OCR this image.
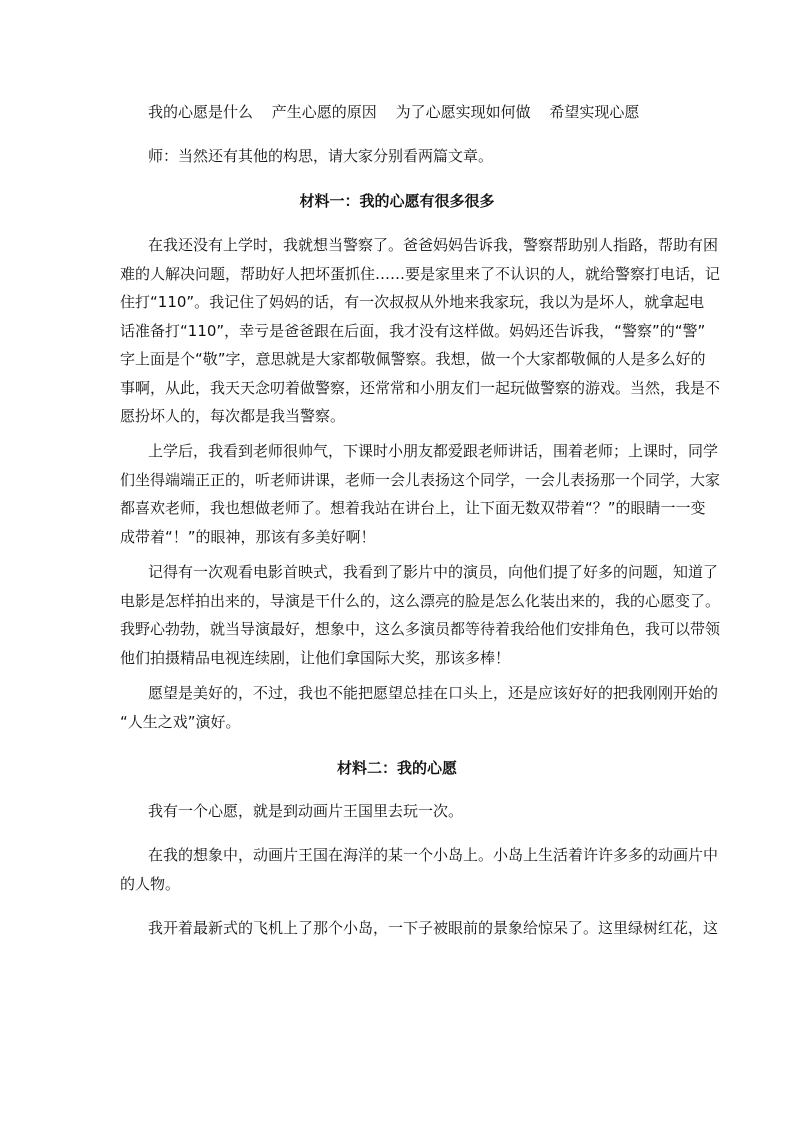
我的心愿是什么 产生心愿的原因 为了心愿实现如何做 希望实现心愿
师：当然还有其他的构思，请大家分别看两篇文章。
材料一：我的心愿有很多很多
在我还没有上学时，我就想当警察了。爸爸妈妈告诉我，警察帮助别人指路，帮助有困
难的人解决问题，帮助好人把坏蛋抓住……要是家里来了不认识的人，就给警察打电话，记
住打“110”。我记住了妈妈的话，有一次叔叔从外地来我家玩，我以为是坏人，就拿起电
话准备打“110”，幸亏是爸爸跟在后面，我才没有这样做。妈妈还告诉我，“警察”的“警”
字上面是个“敬”字，意思就是大家都敬佩警察。我想，做一个大家都敬佩的人是多么好的
事啊，从此，我天天念叨着做警察，还常常和小朋友们一起玩做警察的游戏。当然，我是不
愿扮坏人的，每次都是我当警察。
上学后，我看到老师很帅气，下课时小朋友都爱跟老师讲话，围着老师；上课时，同学
们坐得端端正正的，听老师讲课，老师一会儿表扬这个同学，一会儿表扬那一个同学，大家
都喜欢老师，我也想做老师了。想着我站在讲台上，让下面无数双带着“？”的眼睛一一变
成带着“！”的眼神，那该有多美好啊！
记得有一次观看电影首映式，我看到了影片中的演员，向他们提了好多的问题，知道了
电影是怎样拍出来的，导演是干什么的，这么漂亮的脸是怎么化装出来的，我的心愿变了。
我野心勃勃，就当导演最好，想象中，这么多演员都等待着我给他们安排角色，我可以带领
他们拍摄精品电视连续剧，让他们拿国际大奖，那该多棒！
愿望是美好的，不过，我也不能把愿望总挂在口头上，还是应该好好的把我刚刚开始的
“人生之戏”演好。
材料二：我的心愿
我有一个心愿，就是到动画片王国里去玩一次。
在我的想象中，动画片王国在海洋的某一个小岛上。小岛上生活着许许多多的动画片中
的人物。
我开着最新式的飞机上了那个小岛，一下子被眼前的景象给惊呆了。这里绿树红花，这
